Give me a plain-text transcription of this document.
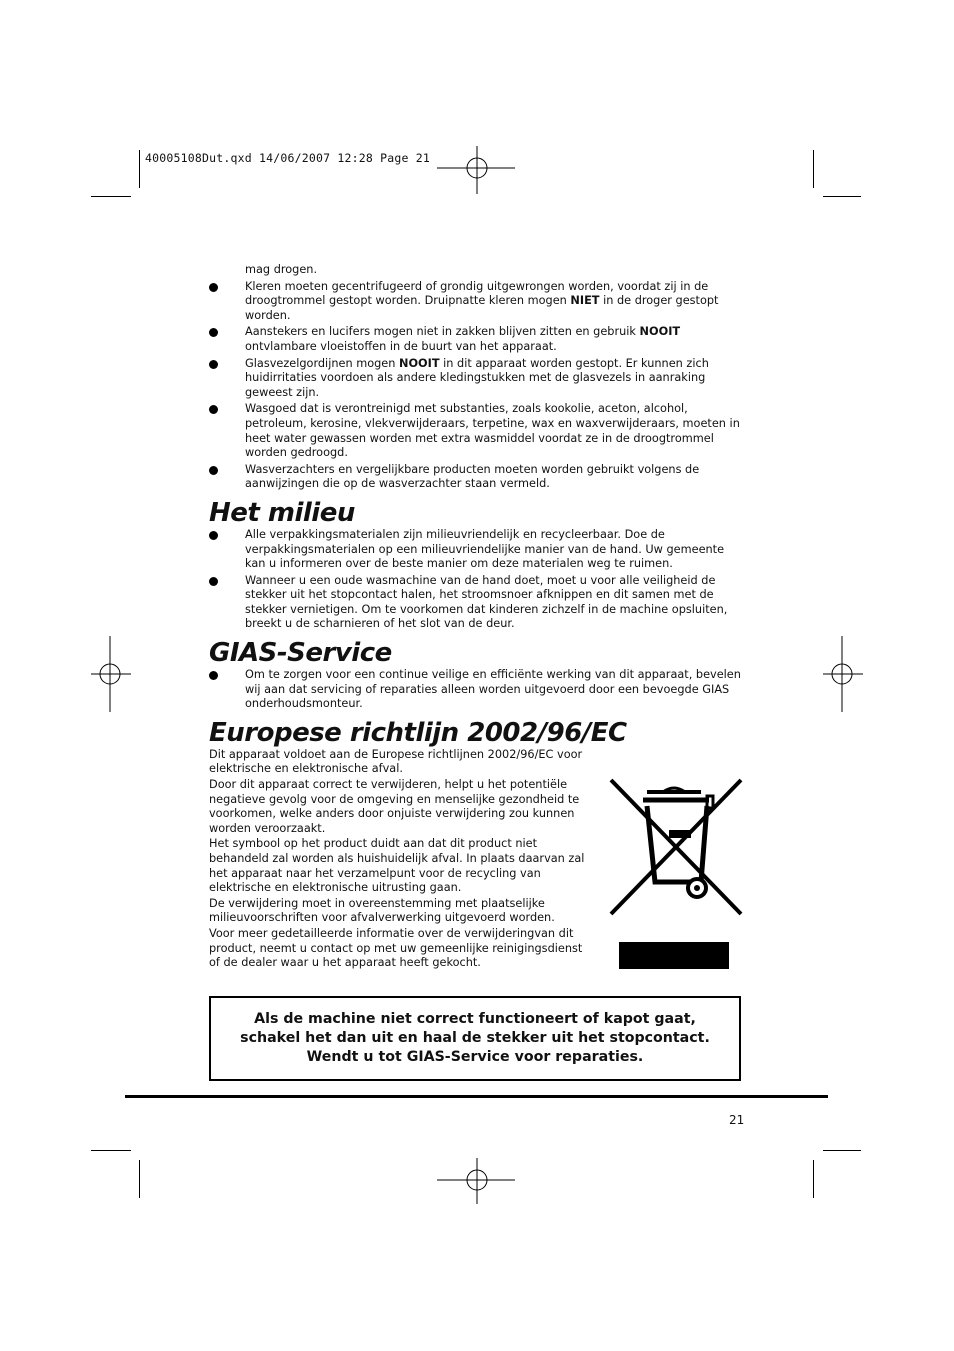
40005108Dut.qxd 14/06/2007 12:28 Page 21

mag drogen.

Kleren moeten gecentrifugeerd of grondig uitgewrongen worden, voordat zij in de droogtrommel gestopt worden. Druipnatte kleren mogen NIET in de droger gestopt worden.
Aanstekers en lucifers mogen niet in zakken blijven zitten en gebruik NOOIT ontvlambare vloeistoffen in de buurt van het apparaat.
Glasvezelgordijnen mogen NOOIT in dit apparaat worden gestopt. Er kunnen zich huidirritaties voordoen als andere kledingstukken met de glasvezels in aanraking geweest zijn.
Wasgoed dat is verontreinigd met substanties, zoals kookolie, aceton, alcohol, petroleum, kerosine, vlekverwijderaars, terpetine, wax en waxverwijderaars, moeten in heet water gewassen worden met extra wasmiddel voordat ze in de droogtrommel worden gedroogd.
Wasverzachters en vergelijkbare producten moeten worden gebruikt volgens de aanwijzingen die op de wasverzachter staan vermeld.
Het milieu
Alle verpakkingsmaterialen zijn milieuvriendelijk en recycleerbaar. Doe de verpakkingsmaterialen op een milieuvriendelijke manier van de hand. Uw gemeente kan u informeren over de beste manier om deze materialen weg te ruimen.
Wanneer u een oude wasmachine van de hand doet, moet u voor alle veiligheid de stekker uit het stopcontact halen, het stroomsnoer afknippen en dit samen met de stekker vernietigen. Om te voorkomen dat kinderen zichzelf in de machine opsluiten, breekt u de scharnieren of het slot van de deur.
GIAS-Service
Om te zorgen voor een continue veilige en efficiënte werking van dit apparaat, bevelen wij aan dat servicing of reparaties alleen worden uitgevoerd door een bevoegde GIAS onderhoudsmonteur.
Europese richtlijn 2002/96/EC

Dit apparaat voldoet aan de Europese richtlijnen 2002/96/EC voor elektrische en elektronische afval.

Door dit apparaat correct te verwijderen, helpt u het potentiële negatieve gevolg voor de omgeving en menselijke gezondheid te voorkomen, welke anders door onjuiste verwijdering zou kunnen worden veroorzaakt.

Het symbool op het product duidt aan dat dit product niet behandeld zal worden als huishuidelijk afval. In plaats daarvan zal het apparaat naar het verzamelpunt voor de recycling van elektrische en elektronische uitrusting gaan.

De verwijdering moet in overeenstemming met plaatselijke milieuvoorschriften voor afvalverwerking uitgevoerd worden.

Voor meer gedetailleerde informatie over de verwijderingvan dit product, neemt u contact op met uw gemeenlijke reinigingsdienst of de dealer waar u het apparaat heeft gekocht.

Als de machine niet correct functioneert of kapot gaat, schakel het dan uit en haal de stekker uit het stopcontact. Wendt u tot GIAS-Service voor reparaties.
21
